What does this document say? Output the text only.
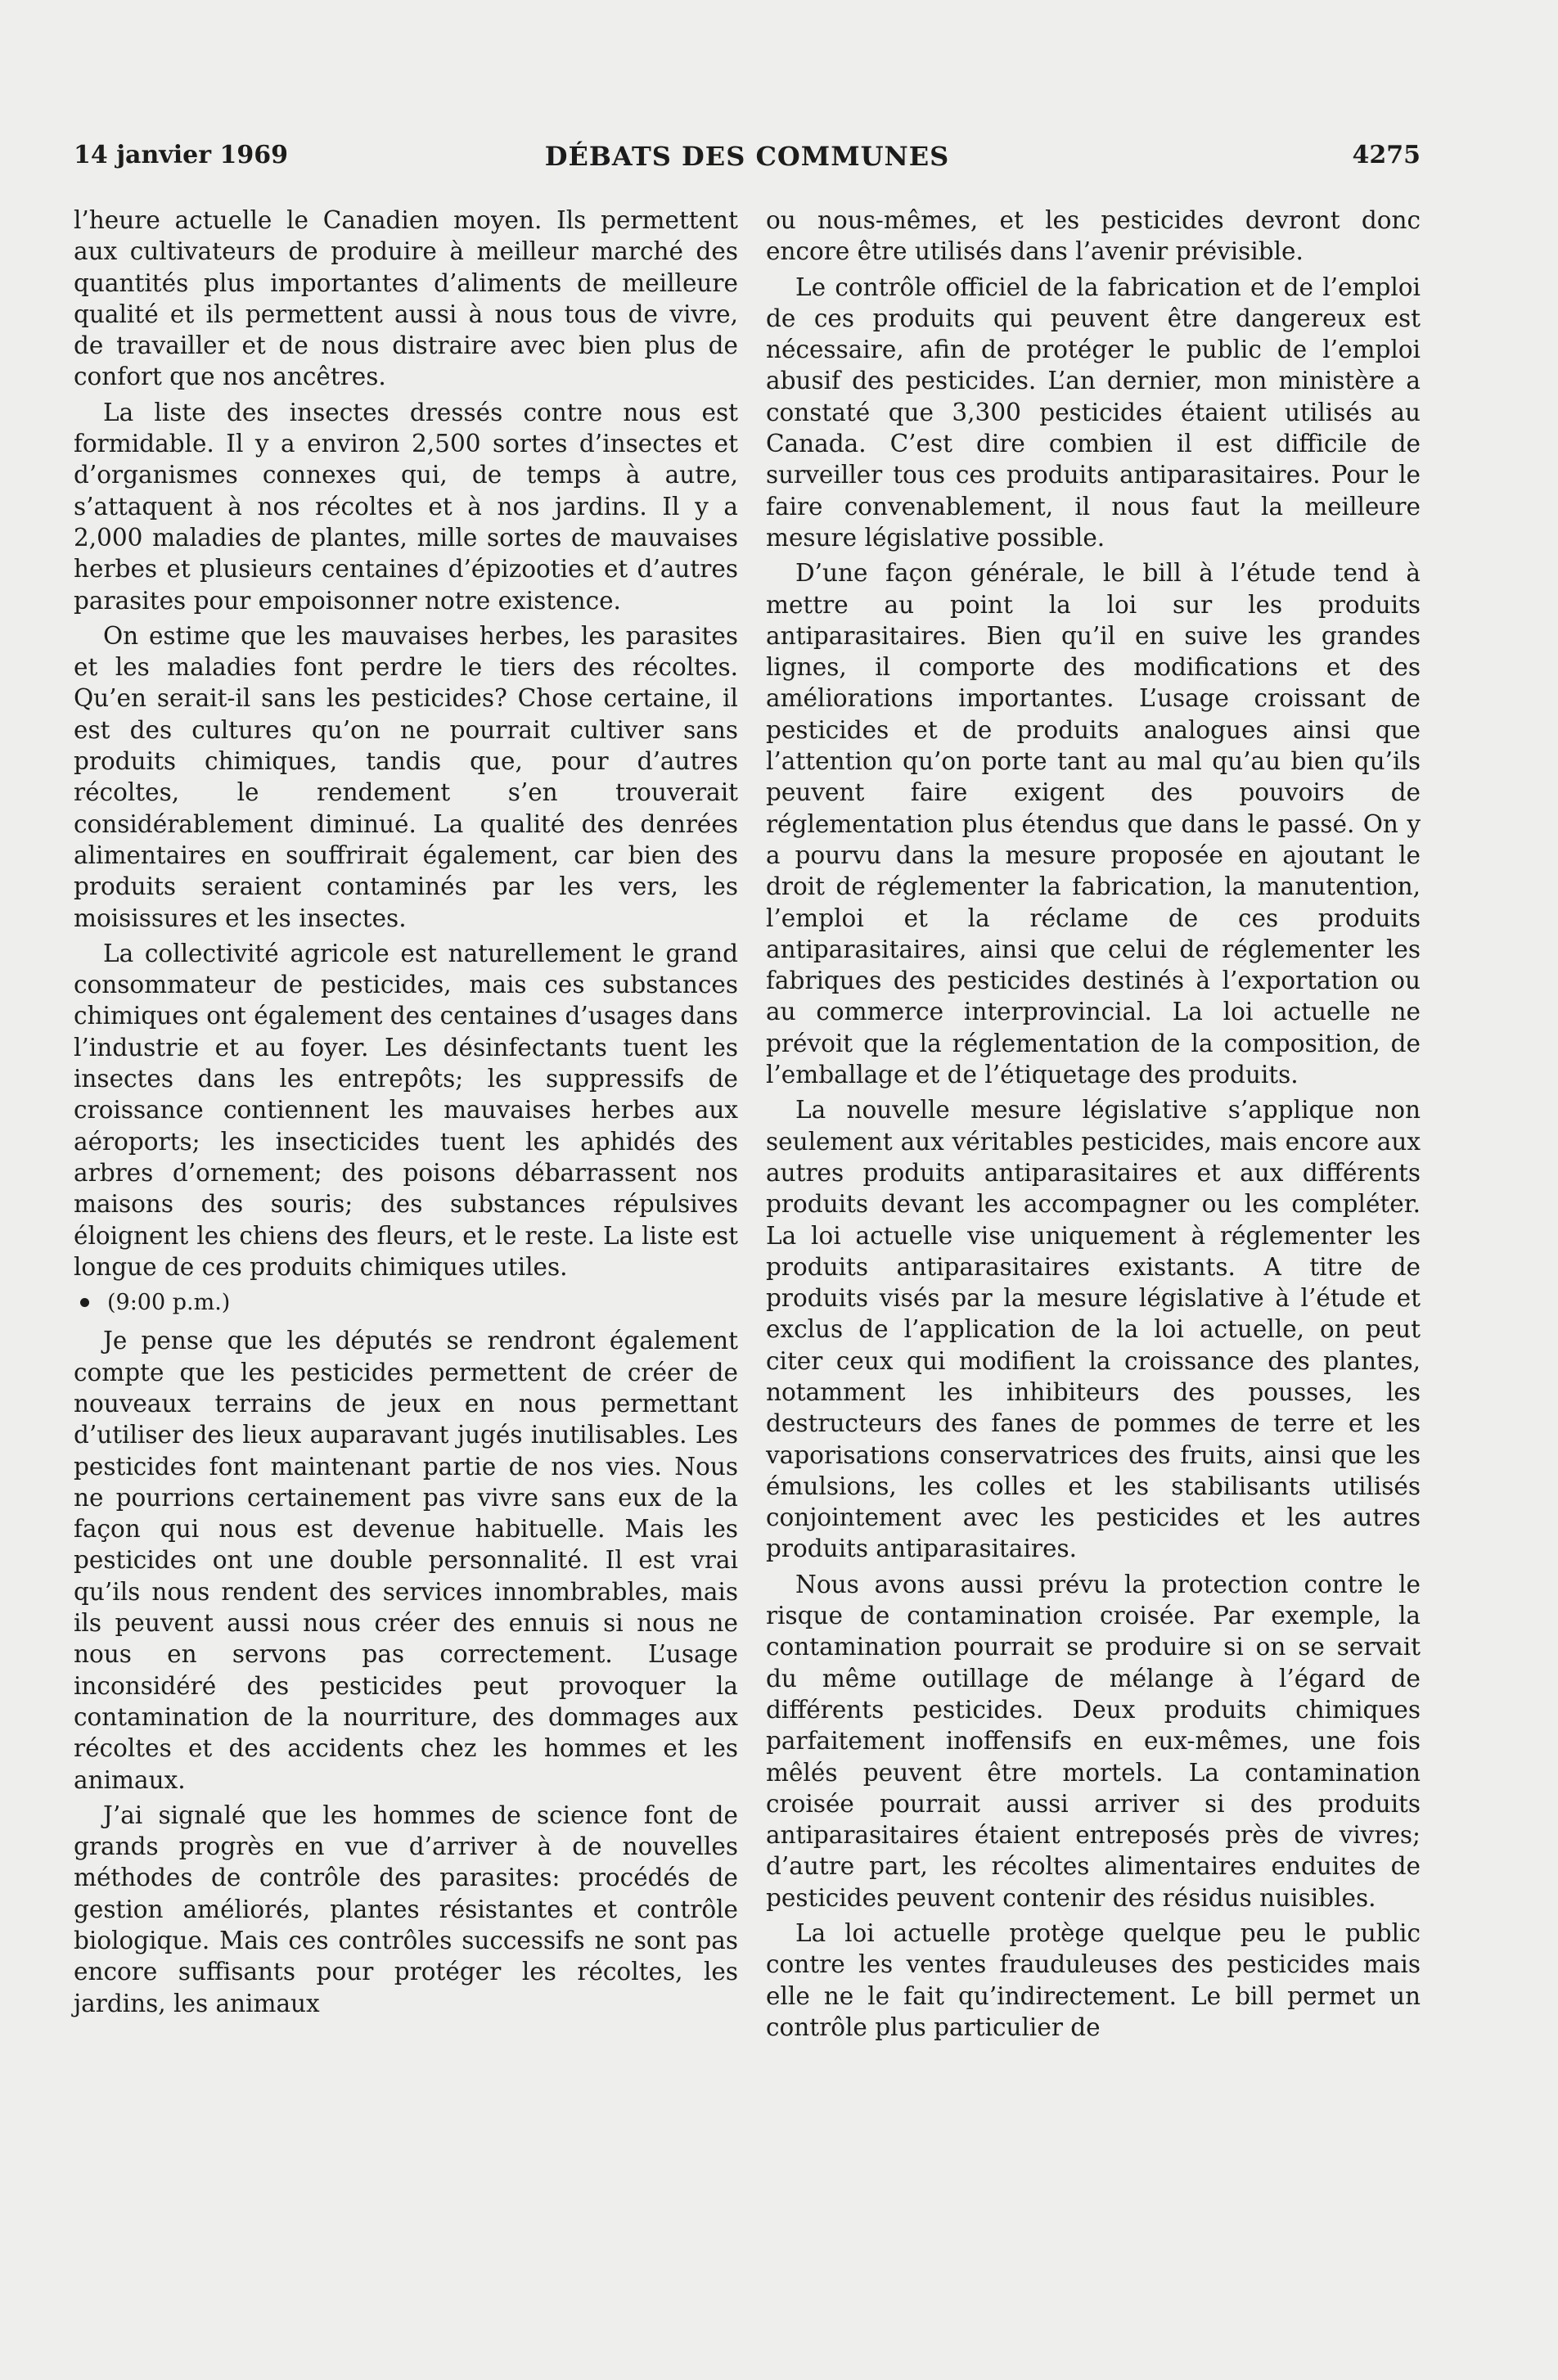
14 janvier 1969	DÉBATS DES COMMUNES	4275

l’heure actuelle le Canadien moyen. Ils permettent aux cultivateurs de produire à meilleur marché des quantités plus importantes d’aliments de meilleure qualité et ils permettent aussi à nous tous de vivre, de travailler et de nous distraire avec bien plus de confort que nos ancêtres.

La liste des insectes dressés contre nous est formidable. Il y a environ 2,500 sortes d’insectes et d’organismes connexes qui, de temps à autre, s’attaquent à nos récoltes et à nos jardins. Il y a 2,000 maladies de plantes, mille sortes de mauvaises herbes et plusieurs centaines d’épizooties et d’autres parasites pour empoisonner notre existence.

On estime que les mauvaises herbes, les parasites et les maladies font perdre le tiers des récoltes. Qu’en serait-il sans les pesticides? Chose certaine, il est des cultures qu’on ne pourrait cultiver sans produits chimiques, tandis que, pour d’autres récoltes, le rendement s’en trouverait considérablement diminué. La qualité des denrées alimentaires en souffrirait également, car bien des produits seraient contaminés par les vers, les moisissures et les insectes.

La collectivité agricole est naturellement le grand consommateur de pesticides, mais ces substances chimiques ont également des centaines d’usages dans l’industrie et au foyer. Les désinfectants tuent les insectes dans les entrepôts; les suppressifs de croissance contiennent les mauvaises herbes aux aéroports; les insecticides tuent les aphidés des arbres d’ornement; des poisons débarrassent nos maisons des souris; des substances répulsives éloignent les chiens des fleurs, et le reste. La liste est longue de ces produits chimiques utiles.

(9:00 p.m.)

Je pense que les députés se rendront également compte que les pesticides permettent de créer de nouveaux terrains de jeux en nous permettant d’utiliser des lieux auparavant jugés inutilisables. Les pesticides font maintenant partie de nos vies. Nous ne pourrions certainement pas vivre sans eux de la façon qui nous est devenue habituelle. Mais les pesticides ont une double personnalité. Il est vrai qu’ils nous rendent des services innombrables, mais ils peuvent aussi nous créer des ennuis si nous ne nous en servons pas correctement. L’usage inconsidéré des pesticides peut provoquer la contamination de la nourriture, des dommages aux récoltes et des accidents chez les hommes et les animaux.

J’ai signalé que les hommes de science font de grands progrès en vue d’arriver à de nouvelles méthodes de contrôle des parasites: procédés de gestion améliorés, plantes résistantes et contrôle biologique. Mais ces contrôles successifs ne sont pas encore suffisants pour protéger les récoltes, les jardins, les animaux

ou nous-mêmes, et les pesticides devront donc encore être utilisés dans l’avenir prévisible.

Le contrôle officiel de la fabrication et de l’emploi de ces produits qui peuvent être dangereux est nécessaire, afin de protéger le public de l’emploi abusif des pesticides. L’an dernier, mon ministère a constaté que 3,300 pesticides étaient utilisés au Canada. C’est dire combien il est difficile de surveiller tous ces produits antiparasitaires. Pour le faire convenablement, il nous faut la meilleure mesure législative possible.

D’une façon générale, le bill à l’étude tend à mettre au point la loi sur les produits antiparasitaires. Bien qu’il en suive les grandes lignes, il comporte des modifications et des améliorations importantes. L’usage croissant de pesticides et de produits analogues ainsi que l’attention qu’on porte tant au mal qu’au bien qu’ils peuvent faire exigent des pouvoirs de réglementation plus étendus que dans le passé. On y a pourvu dans la mesure proposée en ajoutant le droit de réglementer la fabrication, la manutention, l’emploi et la réclame de ces produits antiparasitaires, ainsi que celui de réglementer les fabriques des pesticides destinés à l’exportation ou au commerce interprovincial. La loi actuelle ne prévoit que la réglementation de la composition, de l’emballage et de l’étiquetage des produits.

La nouvelle mesure législative s’applique non seulement aux véritables pesticides, mais encore aux autres produits antiparasitaires et aux différents produits devant les accompagner ou les compléter. La loi actuelle vise uniquement à réglementer les produits antiparasitaires existants. A titre de produits visés par la mesure législative à l’étude et exclus de l’application de la loi actuelle, on peut citer ceux qui modifient la croissance des plantes, notamment les inhibiteurs des pousses, les destructeurs des fanes de pommes de terre et les vaporisations conservatrices des fruits, ainsi que les émulsions, les colles et les stabilisants utilisés conjointement avec les pesticides et les autres produits antiparasitaires.

Nous avons aussi prévu la protection contre le risque de contamination croisée. Par exemple, la contamination pourrait se produire si on se servait du même outillage de mélange à l’égard de différents pesticides. Deux produits chimiques parfaitement inoffensifs en eux-mêmes, une fois mêlés peuvent être mortels. La contamination croisée pourrait aussi arriver si des produits antiparasitaires étaient entreposés près de vivres; d’autre part, les récoltes alimentaires enduites de pesticides peuvent contenir des résidus nuisibles.

La loi actuelle protège quelque peu le public contre les ventes frauduleuses des pesticides mais elle ne le fait qu’indirectement. Le bill permet un contrôle plus particulier de
